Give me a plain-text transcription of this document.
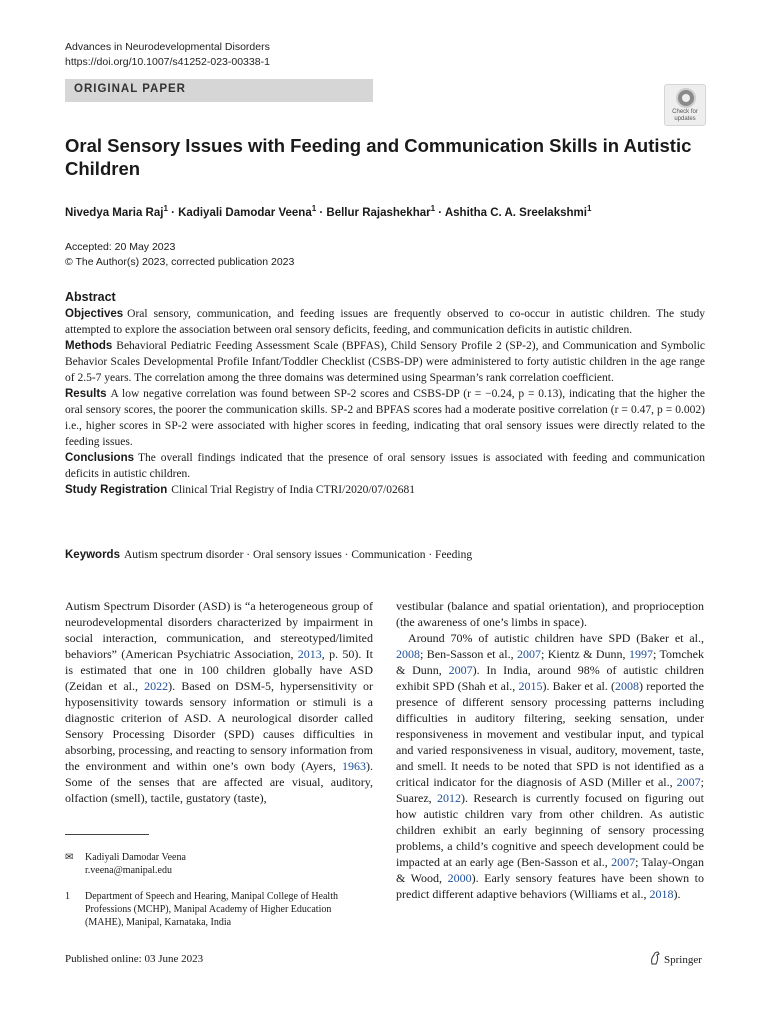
Advances in Neurodevelopmental Disorders
https://doi.org/10.1007/s41252-023-00338-1
ORIGINAL PAPER
Check for
updates
Oral Sensory Issues with Feeding and Communication Skills in Autistic Children
Nivedya Maria Raj$^1$ · Kadiyali Damodar Veena$^1$ · Bellur Rajashekhar$^1$ · Ashitha C. A. Sreelakshmi$^1$
Accepted: 20 May 2023
© The Author(s) 2023, corrected publication 2023
Abstract

Objectives Oral sensory, communication, and feeding issues are frequently observed to co-occur in autistic children. The study attempted to explore the association between oral sensory deficits, feeding, and communication deficits in autistic children.

Methods Behavioral Pediatric Feeding Assessment Scale (BPFAS), Child Sensory Profile 2 (SP-2), and Communication and Symbolic Behavior Scales Developmental Profile Infant/Toddler Checklist (CSBS-DP) were administered to forty autistic children in the age range of 2.5-7 years. The correlation among the three domains was determined using Spearman’s rank correlation coefficient.

Results A low negative correlation was found between SP-2 scores and CSBS-DP (r = −0.24, p = 0.13), indicating that the higher the oral sensory scores, the poorer the communication skills. SP-2 and BPFAS scores had a moderate positive correlation (r = 0.47, p = 0.002) i.e., higher scores in SP-2 were associated with higher scores in feeding, indicating that oral sensory issues were directly related to the feeding issues.

Conclusions The overall findings indicated that the presence of oral sensory issues is associated with feeding and communication deficits in autistic children.

Study Registration Clinical Trial Registry of India CTRI/2020/07/02681

Keywords Autism spectrum disorder · Oral sensory issues · Communication · Feeding

Autism Spectrum Disorder (ASD) is “a heterogeneous group of neurodevelopmental disorders characterized by impairment in social interaction, communication, and stereotyped/limited behaviors” (American Psychiatric Association, 2013, p. 50). It is estimated that one in 100 children globally have ASD (Zeidan et al., 2022). Based on DSM-5, hypersensitivity or hyposensitivity towards sensory information or stimuli is a diagnostic criterion of ASD. A neurological disorder called Sensory Processing Disorder (SPD) causes difficulties in absorbing, processing, and reacting to sensory information from the environment and within one’s own body (Ayers, 1963). Some of the senses that are affected are visual, auditory, olfaction (smell), tactile, gustatory (taste),

vestibular (balance and spatial orientation), and proprioception (the awareness of one’s limbs in space).

Around 70% of autistic children have SPD (Baker et al., 2008; Ben-Sasson et al., 2007; Kientz & Dunn, 1997; Tomchek & Dunn, 2007). In India, around 98% of autistic children exhibit SPD (Shah et al., 2015). Baker et al. (2008) reported the presence of different sensory processing patterns including difficulties in auditory filtering, seeking sensation, under responsiveness in movement and vestibular input, and typical and varied responsiveness in visual, auditory, movement, taste, and smell. It needs to be noted that SPD is not identified as a critical indicator for the diagnosis of ASD (Miller et al., 2007; Suarez, 2012). Research is currently focused on figuring out how autistic children vary from other children. As autistic children exhibit an early beginning of sensory processing problems, a child’s cognitive and speech development could be impacted at an early age (Ben-Sasson et al., 2007; Talay-Ongan & Wood, 2000). Early sensory features have been shown to predict different adaptive behaviors (Williams et al., 2018).

✉ Kadiyali Damodar Veena
r.veena@manipal.edu
1 Department of Speech and Hearing, Manipal College of Health Professions (MCHP), Manipal Academy of Higher Education (MAHE), Manipal, Karnataka, India
Published online: 03 June 2023	Springer
